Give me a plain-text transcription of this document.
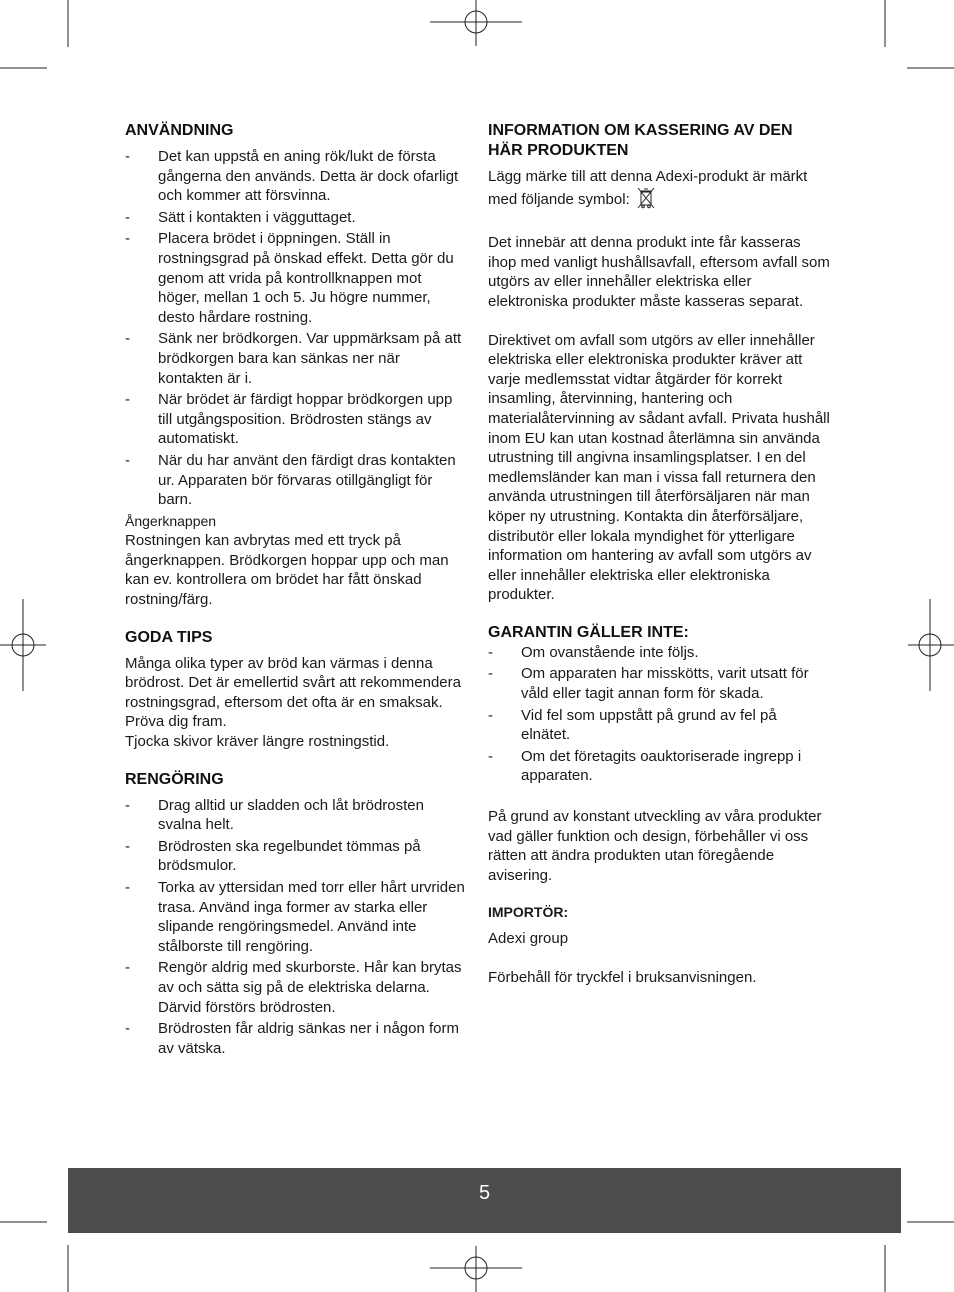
ANVÄNDNING
- Det kan uppstå en aning rök/lukt de första gångerna den används. Detta är dock ofarligt och kommer att försvinna.
- Sätt i kontakten i vägguttaget.
- Placera brödet i öppningen. Ställ in rostningsgrad på önskad effekt. Detta gör du genom att vrida på kontrollknappen mot höger, mellan 1 och 5. Ju högre nummer, desto hårdare rostning.
- Sänk ner brödkorgen. Var uppmärksam på att brödkorgen bara kan sänkas ner när kontakten är i.
- När brödet är färdigt hoppar brödkorgen upp till utgångsposition. Brödrosten stängs av automatiskt.
- När du har använt den färdigt dras kontakten ur. Apparaten bör förvaras otillgängligt för barn.

Ångerknappen

Rostningen kan avbrytas med ett tryck på ångerknappen. Brödkorgen hoppar upp och man kan ev. kontrollera om brödet har fått önskad rostning/färg.

GODA TIPS

Många olika typer av bröd kan värmas i denna brödrost. Det är emellertid svårt att rekommendera rostningsgrad, eftersom det ofta är en smaksak. Pröva dig fram.

Tjocka skivor kräver längre rostningstid.

RENGÖRING
- Drag alltid ur sladden och låt brödrosten svalna helt.
- Brödrosten ska regelbundet tömmas på brödsmulor.
- Torka av yttersidan med torr eller hårt urvriden trasa. Använd inga former av starka eller slipande rengöringsmedel. Använd inte stålborste till rengöring.
- Rengör aldrig med skurborste. Hår kan brytas av och sätta sig på de elektriska delarna. Därvid förstörs brödrosten.
- Brödrosten får aldrig sänkas ner i någon form av vätska.
INFORMATION OM KASSERING AV DEN HÄR PRODUKTEN

Lägg märke till att denna Adexi-produkt är märkt med följande symbol:

Det innebär att denna produkt inte får kasseras ihop med vanligt hushållsavfall, eftersom avfall som utgörs av eller innehåller elektriska eller elektroniska produkter måste kasseras separat.

Direktivet om avfall som utgörs av eller innehåller elektriska eller elektroniska produkter kräver att varje medlemsstat vidtar åtgärder för korrekt insamling, återvinning, hantering och materialåtervinning av sådant avfall. Privata hushåll inom EU kan utan kostnad återlämna sin använda utrustning till angivna insamlingsplatser. I en del medlemsländer kan man i vissa fall returnera den använda utrustningen till återförsäljaren när man köper ny utrustning. Kontakta din återförsäljare, distributör eller lokala myndighet för ytterligare information om hantering av avfall som utgörs av eller innehåller elektriska eller elektroniska produkter.

GARANTIN GÄLLER INTE:
- Om ovanstående inte följs.
- Om apparaten har misskötts, varit utsatt för våld eller tagit annan form för skada.
- Vid fel som uppstått på grund av fel på elnätet.
- Om det företagits oauktoriserade ingrepp i apparaten.

På grund av konstant utveckling av våra produkter vad gäller funktion och design, förbehåller vi oss rätten att ändra produkten utan föregående avisering.

IMPORTÖR:

Adexi group

Förbehåll för tryckfel i bruksanvisningen.

5
